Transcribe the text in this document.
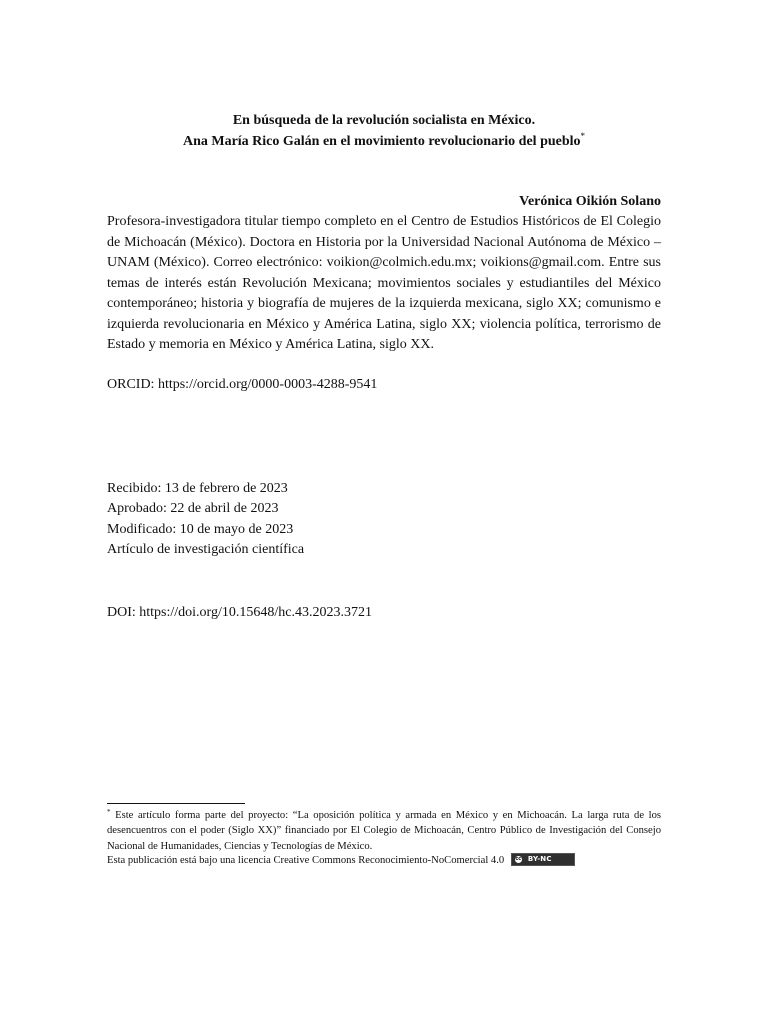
En búsqueda de la revolución socialista en México.
Ana María Rico Galán en el movimiento revolucionario del pueblo*
Verónica Oikión Solano
Profesora-investigadora titular tiempo completo en el Centro de Estudios Históricos de El Colegio de Michoacán (México). Doctora en Historia por la Universidad Nacional Autónoma de México – UNAM (México). Correo electrónico: voikion@colmich.edu.mx; voikions@gmail.com. Entre sus temas de interés están Revolución Mexicana; movimientos sociales y estudiantiles del México contemporáneo; historia y biografía de mujeres de la izquierda mexicana, siglo XX; comunismo e izquierda revolucionaria en México y América Latina, siglo XX; violencia política, terrorismo de Estado y memoria en México y América Latina, siglo XX.
ORCID: https://orcid.org/0000-0003-4288-9541
Recibido: 13 de febrero de 2023
Aprobado: 22 de abril de 2023
Modificado: 10 de mayo de 2023
Artículo de investigación científica
DOI: https://doi.org/10.15648/hc.43.2023.3721
* Este artículo forma parte del proyecto: “La oposición política y armada en México y en Michoacán. La larga ruta de los desencuentros con el poder (Siglo XX)” financiado por El Colegio de Michoacán, Centro Público de Investigación del Consejo Nacional de Humanidades, Ciencias y Tecnologías de México.
Esta publicación está bajo una licencia Creative Commons Reconocimiento-NoComercial 4.0	cc BY-NC
